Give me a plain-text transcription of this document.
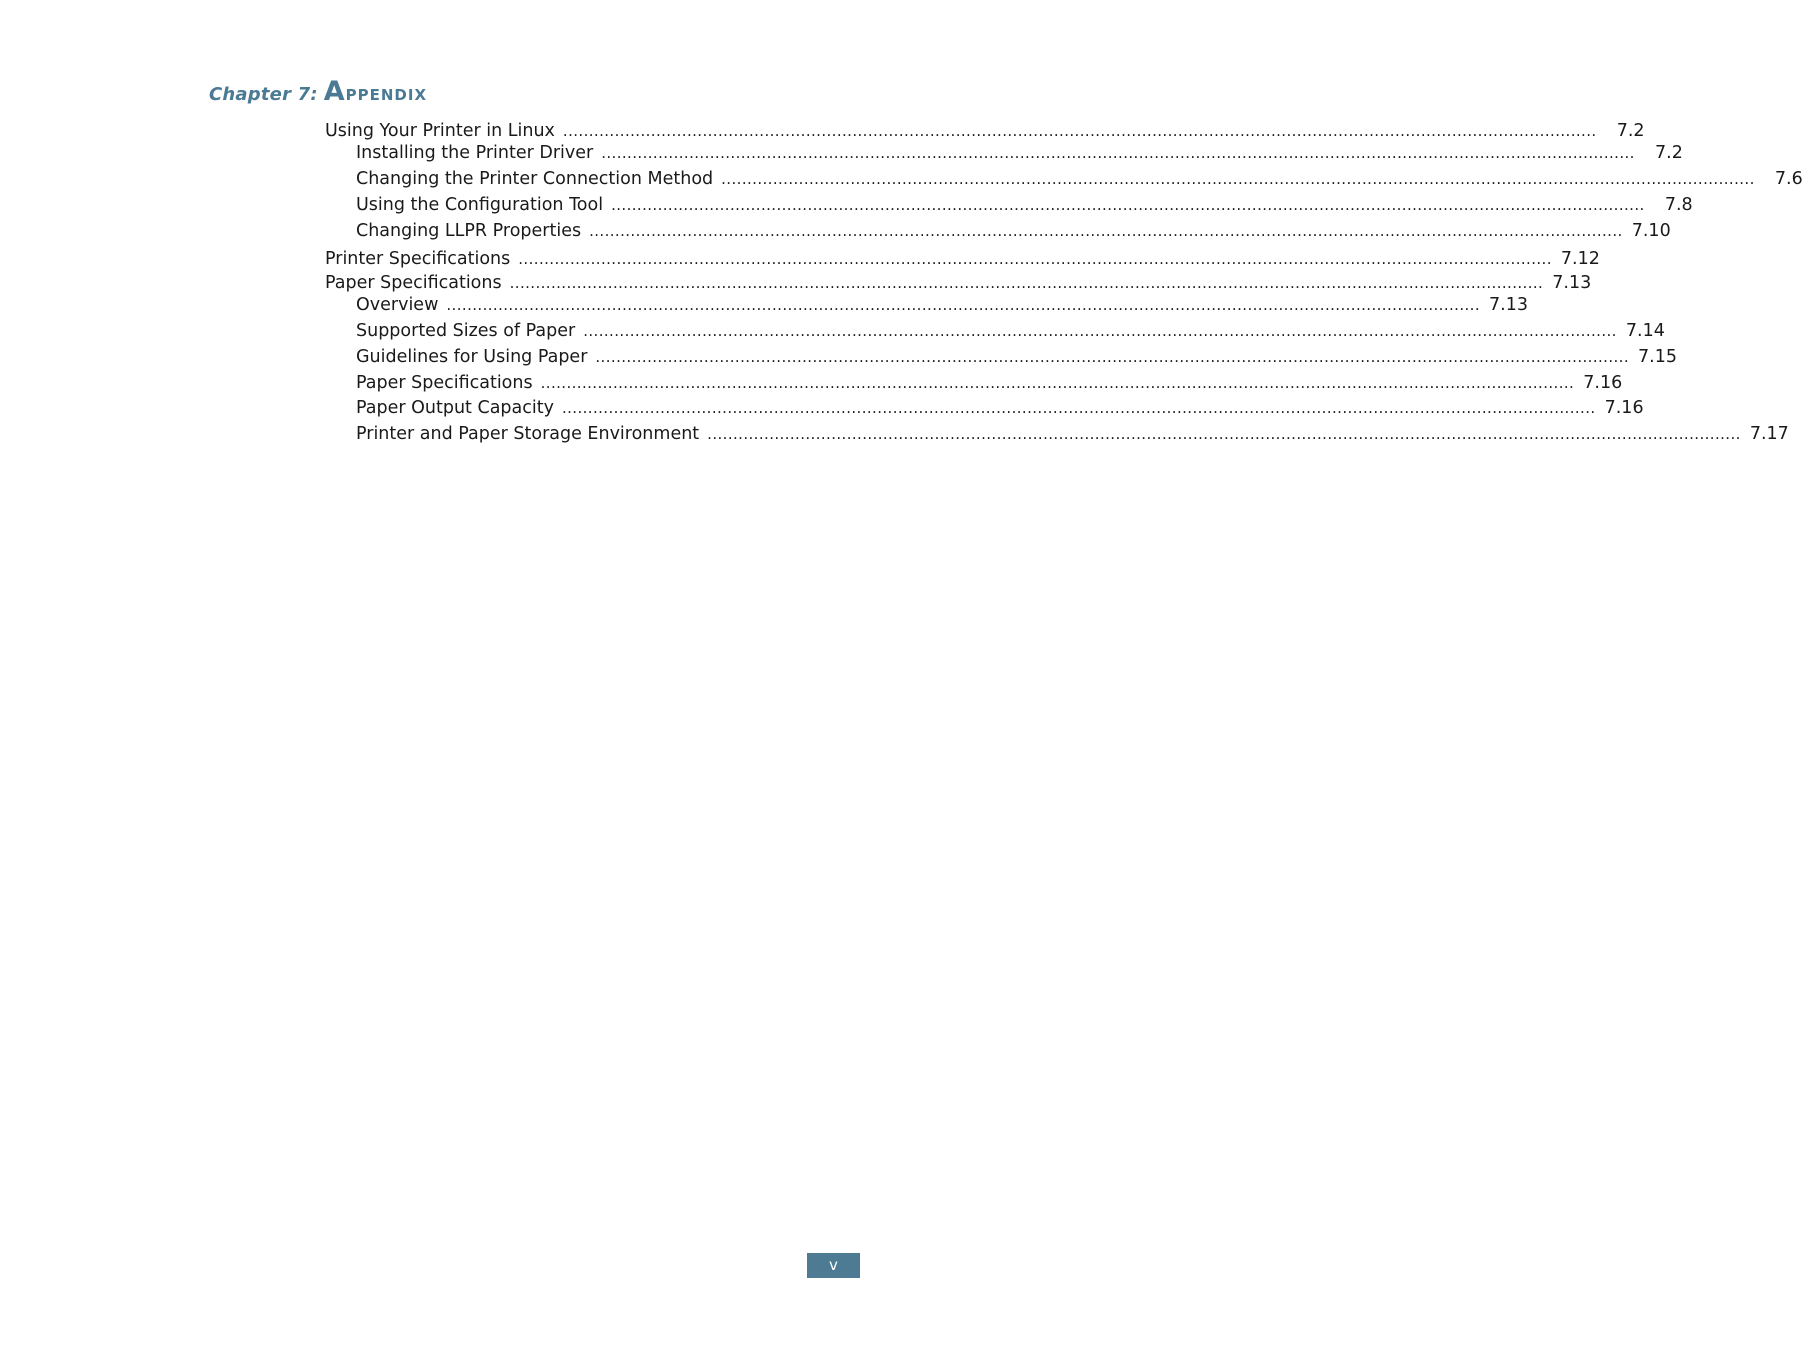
Chapter 7: Appendix
Using Your Printer in Linux ........................................................................................................................................................................................................	7.2
Installing the Printer Driver ........................................................................................................................................................................................................	7.2
Changing the Printer Connection Method ........................................................................................................................................................................................................	7.6
Using the Configuration Tool ........................................................................................................................................................................................................	7.8
Changing LLPR Properties ........................................................................................................................................................................................................ 7.10
Printer Specifications ........................................................................................................................................................................................................ 7.12
Paper Specifications ........................................................................................................................................................................................................ 7.13
Overview ........................................................................................................................................................................................................ 7.13
Supported Sizes of Paper ........................................................................................................................................................................................................ 7.14
Guidelines for Using Paper ........................................................................................................................................................................................................ 7.15
Paper Specifications ........................................................................................................................................................................................................ 7.16
Paper Output Capacity ........................................................................................................................................................................................................ 7.16
Printer and Paper Storage Environment ........................................................................................................................................................................................................ 7.17
v
